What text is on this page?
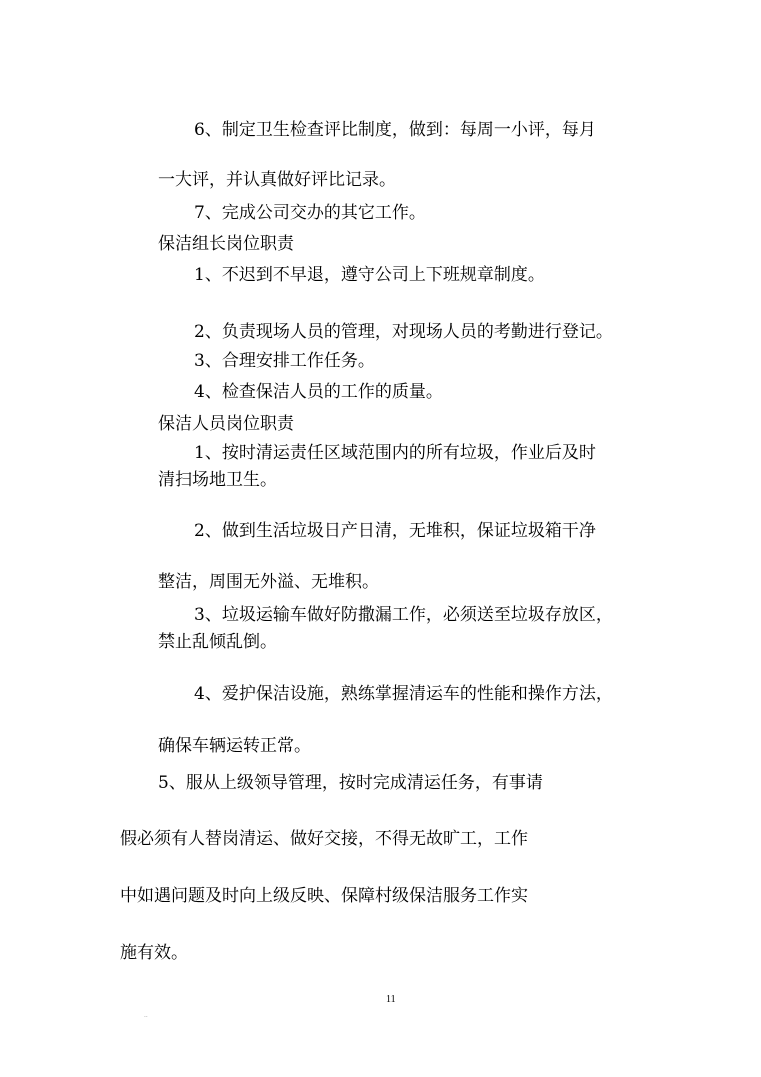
6、制定卫生检查评比制度，做到：每周一小评，每月
一大评，并认真做好评比记录。
7、完成公司交办的其它工作。
保洁组长岗位职责
1、不迟到不早退，遵守公司上下班规章制度。
2、负责现场人员的管理，对现场人员的考勤进行登记。
3、合理安排工作任务。
4、检查保洁人员的工作的质量。
保洁人员岗位职责
1、按时清运责任区域范围内的所有垃圾，作业后及时
清扫场地卫生。
2、做到生活垃圾日产日清，无堆积，保证垃圾箱干净
整洁，周围无外溢、无堆积。
3、垃圾运输车做好防撒漏工作，必须送至垃圾存放区，
禁止乱倾乱倒。
4、爱护保洁设施，熟练掌握清运车的性能和操作方法，
确保车辆运转正常。
5、服从上级领导管理，按时完成清运任务，有事请
假必须有人替岗清运、做好交接，不得无故旷工，工作
中如遇问题及时向上级反映、保障村级保洁服务工作实
施有效。
11
..
